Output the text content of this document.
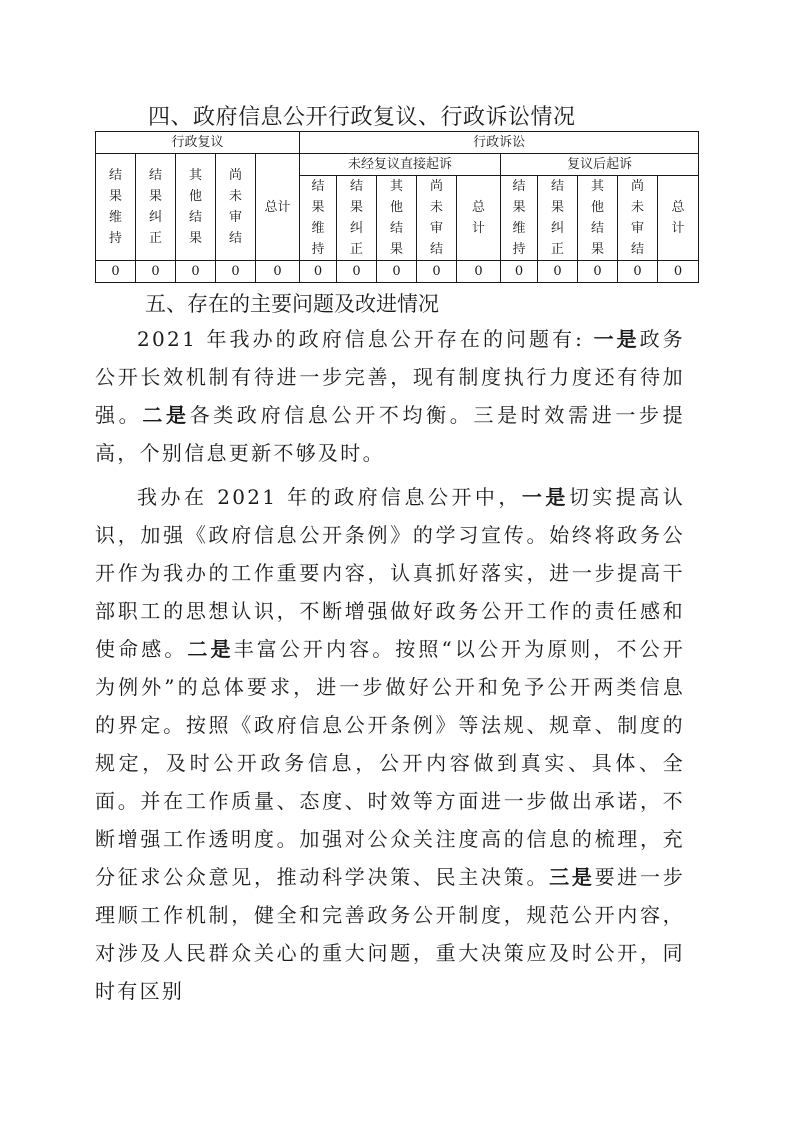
四、政府信息公开行政复议、行政诉讼情况
行政复议					行政诉讼									
结果维持	结果纠正	其他结果	尚未审结	总计	未经复议直接起诉					复议后起诉				
					结果维持	结果纠正	其他结果	尚未审结	总计	结果维持	结果纠正	其他结果	尚未审结	总计
0	0	0	0	0	0	0	0	0	0	0	0	0	0	0
五、存在的主要问题及改进情况
2021 年我办的政府信息公开存在的问题有: 一是政务公开长效机制有待进一步完善，现有制度执行力度还有待加强。二是各类政府信息公开不均衡。三是时效需进一步提高，个别信息更新不够及时。
我办在 2021 年的政府信息公开中，一是切实提高认识，加强《政府信息公开条例》的学习宣传。始终将政务公开作为我办的工作重要内容，认真抓好落实，进一步提高干部职工的思想认识，不断增强做好政务公开工作的责任感和使命感。二是丰富公开内容。按照“以公开为原则，不公开为例外”的总体要求，进一步做好公开和免予公开两类信息的界定。按照《政府信息公开条例》等法规、规章、制度的规定，及时公开政务信息，公开内容做到真实、具体、全面。并在工作质量、态度、时效等方面进一步做出承诺，不断增强工作透明度。加强对公众关注度高的信息的梳理，充分征求公众意见，推动科学决策、民主决策。三是要进一步理顺工作机制，健全和完善政务公开制度，规范公开内容，对涉及人民群众关心的重大问题，重大决策应及时公开，同时有区别
